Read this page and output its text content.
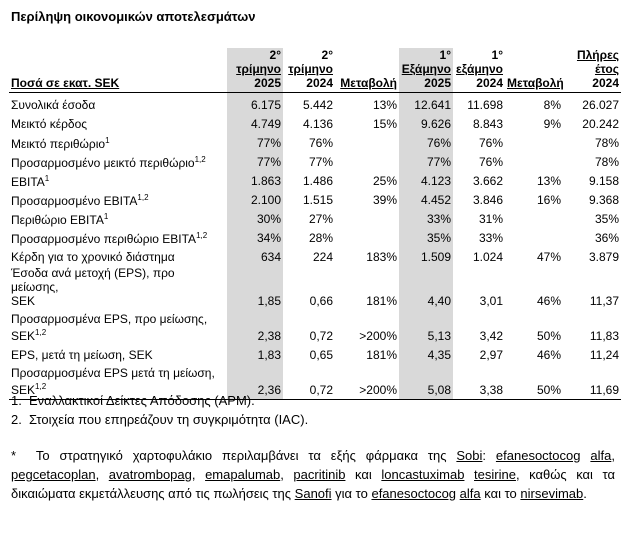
Περίληψη οικονομικών αποτελεσμάτων
Ποσά σε εκατ. SEK	2°
τρίμηνο
2025	2°
τρίμηνο
2024	Μεταβολή	1°
Εξάμηνο
2025	1°
εξάμηνο
2024	Μεταβολή	Πλήρες
έτος
2024
Συνολικά έσοδα	6.175	5.442	13%	12.641	11.698	8%	26.027
Μεικτό κέρδος	4.749	4.136	15%	9.626	8.843	9%	20.242
Μεικτό περιθώριο$^1$	77%	76%		76%	76%		78%
Προσαρμοσμένο μεικτό περιθώριο$^{1,2}$	77%	77%		77%	76%		78%
EBITA$^1$	1.863	1.486	25%	4.123	3.662	13%	9.158
Προσαρμοσμένο EBITA$^{1,2}$	2.100	1.515	39%	4.452	3.846	16%	9.368
Περιθώριο EBITA$^1$	30%	27%		33%	31%		35%
Προσαρμοσμένο περιθώριο EBITA$^{1,2}$	34%	28%		35%	33%		36%
Κέρδη για το χρονικό διάστημα	634	224	183%	1.509	1.024	47%	3.879
Έσοδα ανά μετοχή (EPS), προ μείωσης,
SEK	1,85	0,66	181%	4,40	3,01	46%	11,37
Προσαρμοσμένα EPS, προ μείωσης,
SEK$^{1,2}$	2,38	0,72	>200%	5,13	3,42	50%	11,83
EPS, μετά τη μείωση, SEK	1,83	0,65	181%	4,35	2,97	46%	11,24
Προσαρμοσμένα EPS μετά τη μείωση,
SEK$^{1,2}$	2,36	0,72	>200%	5,08	3,38	50%	11,69
1. Εναλλακτικοί Δείκτες Απόδοσης (APM).
2. Στοιχεία που επηρεάζουν τη συγκριμότητα (IAC).
* Το στρατηγικό χαρτοφυλάκιο περιλαμβάνει τα εξής φάρμακα της Sobi: efanesoctocog alfa, pegcetacoplan, avatrombopag, emapalumab, pacritinib και loncastuximab tesirine, καθώς και τα δικαιώματα εκμετάλλευσης από τις πωλήσεις της Sanofi για το efanesoctocog alfa και το nirsevimab.
